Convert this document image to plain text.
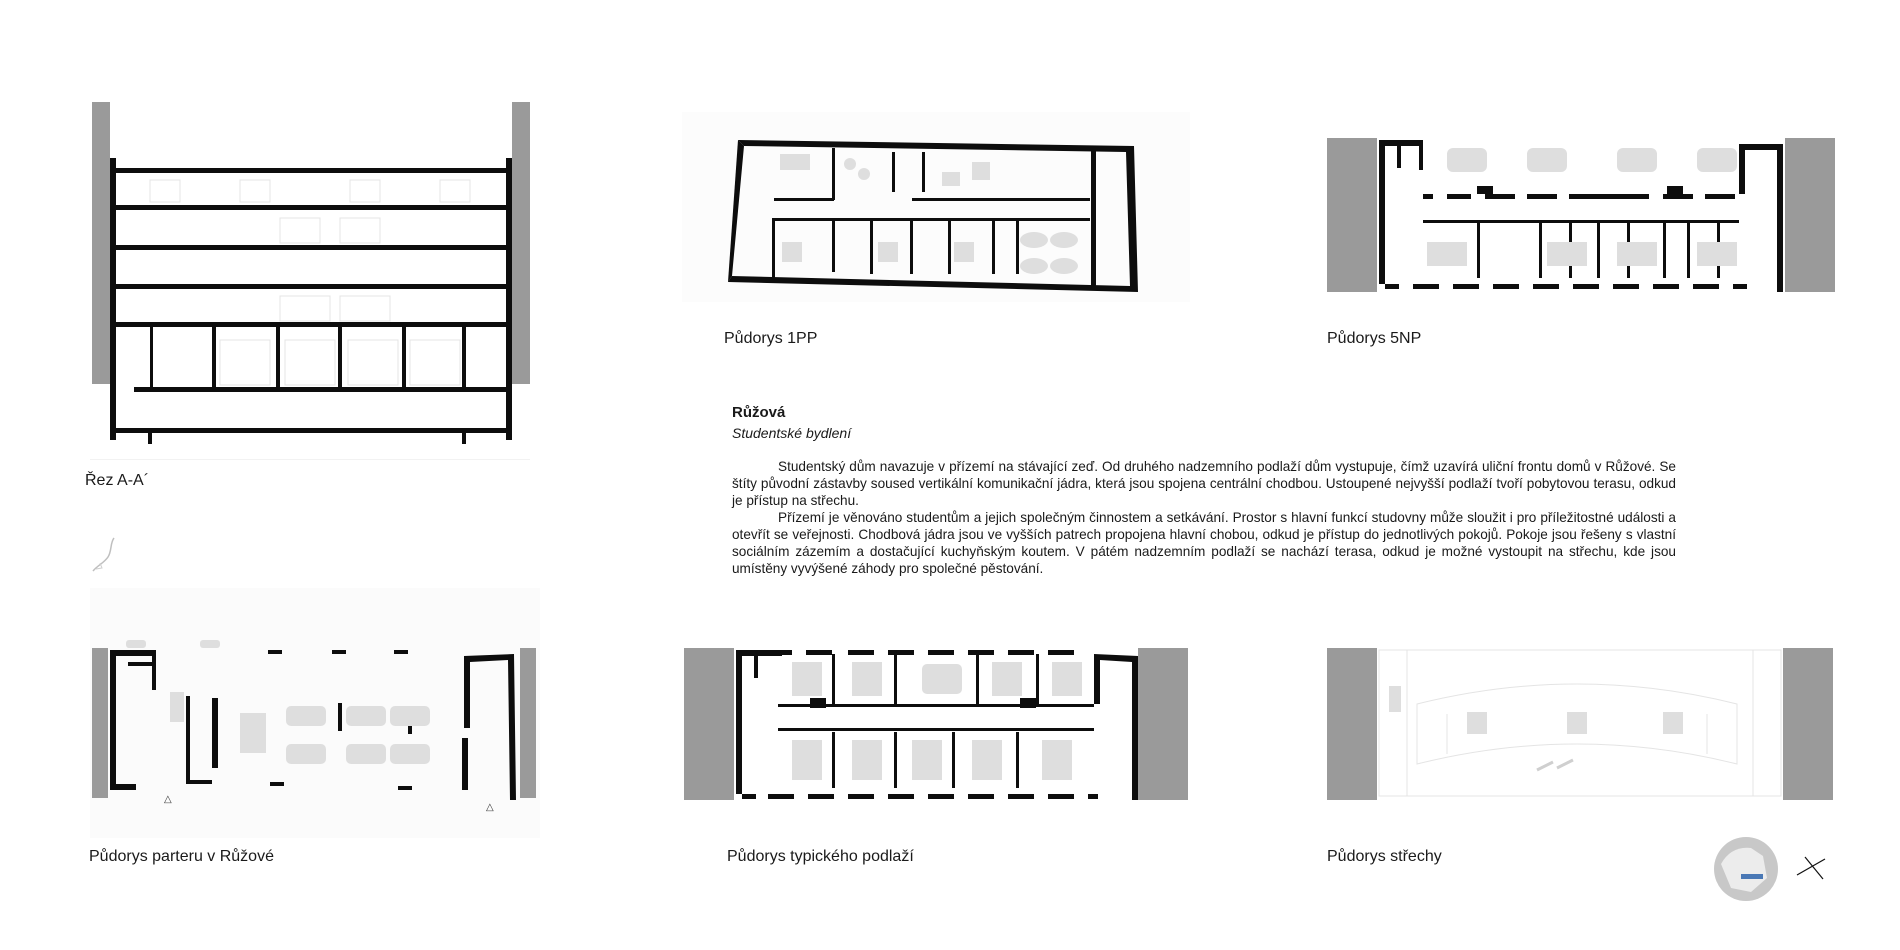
Řez A-A´
Půdorys 1PP	Půdorys 5NP
Růžová
Studentské bydlení

Studentský dům navazuje v přízemí na stávající zeď. Od druhého nadzemního podlaží dům vystupuje, čímž uzavírá uliční frontu domů v Růžové. Se štíty původní zástavby soused vertikální komunikační jádra, která jsou spojena centrální chodbou. Ustoupené nejvyšší podlaží tvoří pobytovou terasu, odkud je přístup na střechu.

Přízemí je věnováno studentům a jejich společným činnostem a setkávání. Prostor s hlavní funkcí studovny může sloužit i pro příležitostné události a otevřít se veřejnosti. Chodbová jádra jsou ve vyšších patrech propojena hlavní chobou, odkud je přístup do jednotlivých pokojů. Pokoje jsou řešeny s vlastní sociálním zázemím a dostačující kuchyňským koutem. V pátém nadzemním podlaží se nachází terasa, odkud je možné vystoupit na střechu, kde jsou umístěny vyvýšené záhody pro společné pěstování.

△
△
Půdorys parteru v Růžové	Půdorys typického podlaží	Půdorys střechy
